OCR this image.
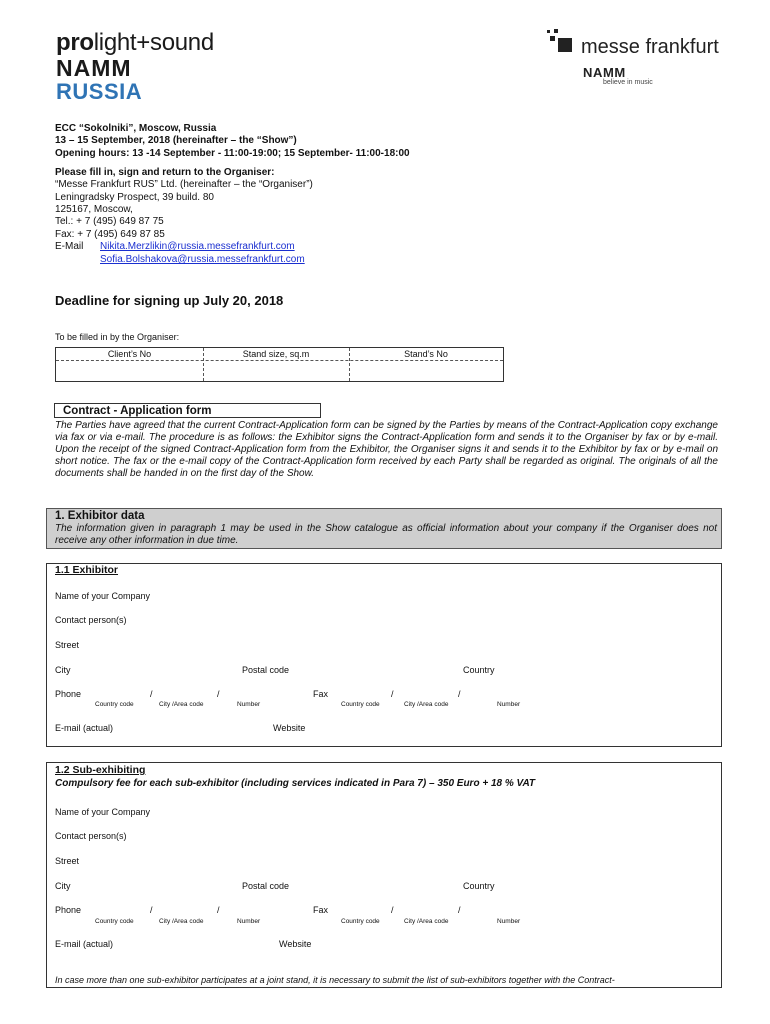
prolight+sound
NAMM
RUSSIA
messe frankfurt
NAMM
believe in music
ECC “Sokolniki”, Moscow, Russia
13 – 15 September, 2018 (hereinafter – the “Show”)
Opening hours: 13 -14 September - 11:00-19:00; 15 September- 11:00-18:00
Please fill in, sign and return to the Organiser:
“Messe Frankfurt RUS” Ltd. (hereinafter – the “Organiser”)
Leningradsky Prospect, 39 build. 80
125167, Moscow,
Tel.: + 7 (495) 649 87 75
Fax: + 7 (495) 649 87 85
E-Mail Nikita.Merzlikin@russia.messefrankfurt.com
Sofia.Bolshakova@russia.messefrankfurt.com
Deadline for signing up July 20, 2018
To be filled in by the Organiser:
Client’s No	Stand size, sq.m	Stand’s No
Contract - Application form
The Parties have agreed that the current Contract-Application form can be signed by the Parties by means of the Contract-Application copy exchange via fax or via e-mail. The procedure is as follows: the Exhibitor signs the Contract-Application form and sends it to the Organiser by fax or by e-mail. Upon the receipt of the signed Contract-Application form from the Exhibitor, the Organiser signs it and sends it to the Exhibitor by fax or by e-mail on short notice. The fax or the e-mail copy of the Contract-Application form received by each Party shall be regarded as original. The originals of all the documents shall be handed in on the first day of the Show.
1. Exhibitor data
The information given in paragraph 1 may be used in the Show catalogue as official information about your company if the Organiser does not receive any other information in due time.
1.1 Exhibitor
Name of your Company
Contact person(s)
Street
City	Postal code	Country
Phone	/	/	Fax	/	/
Country code	City /Area code	Number	Country code	City /Area code	Number
E-mail (actual)	Website
1.2 Sub-exhibiting
Compulsory fee for each sub-exhibitor (including services indicated in Para 7) – 350 Euro + 18 % VAT
Name of your Company
Contact person(s)
Street
City	Postal code	Country
Phone	/	/	Fax	/	/
Country code	City /Area code	Number	Country code	City /Area code	Number
E-mail (actual)	Website
In case more than one sub-exhibitor participates at a joint stand, it is necessary to submit the list of sub-exhibitors together with the Contract-
